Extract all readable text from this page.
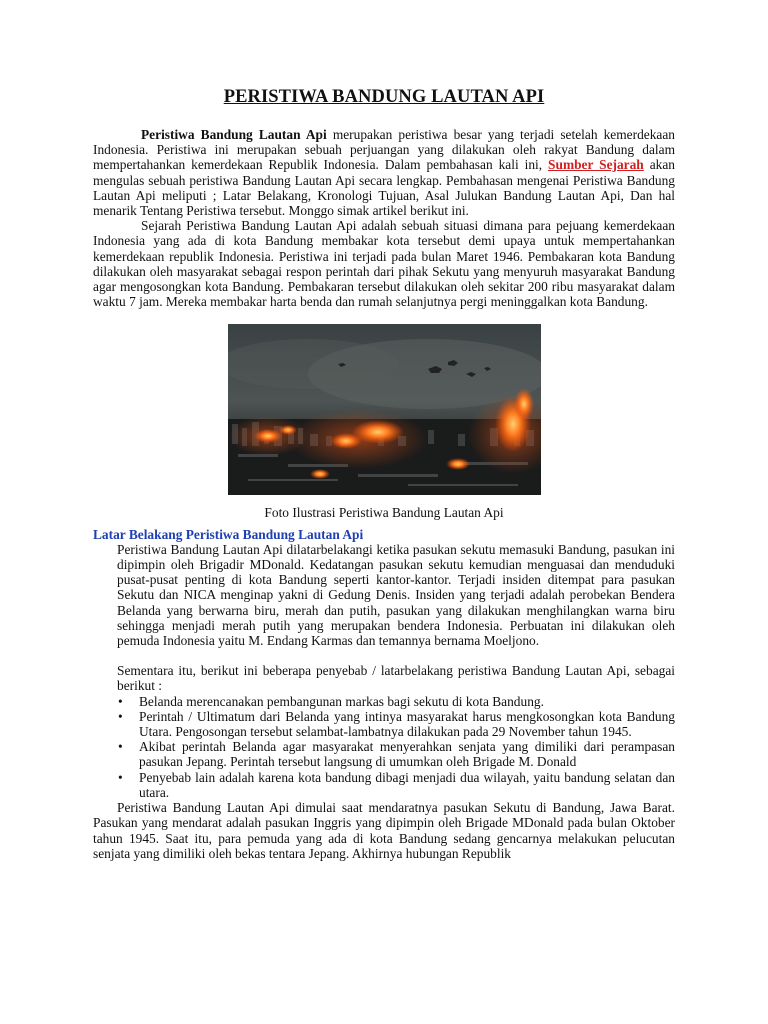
PERISTIWA BANDUNG LAUTAN API

Peristiwa Bandung Lautan Api merupakan peristiwa besar yang terjadi setelah kemerdekaan Indonesia. Peristiwa ini merupakan sebuah perjuangan yang dilakukan oleh rakyat Bandung dalam mempertahankan kemerdekaan Republik Indonesia. Dalam pembahasan kali ini, Sumber Sejarah akan mengulas sebuah peristiwa Bandung Lautan Api secara lengkap. Pembahasan mengenai Peristiwa Bandung Lautan Api meliputi ; Latar Belakang, Kronologi Tujuan, Asal Julukan Bandung Lautan Api, Dan hal menarik Tentang Peristiwa tersebut. Monggo simak artikel berikut ini.

Sejarah Peristiwa Bandung Lautan Api adalah sebuah situasi dimana para pejuang kemerdekaan Indonesia yang ada di kota Bandung membakar kota tersebut demi upaya untuk mempertahankan kemerdekaan republik Indonesia. Peristiwa ini terjadi pada bulan Maret 1946. Pembakaran kota Bandung dilakukan oleh masyarakat sebagai respon perintah dari pihak Sekutu yang menyuruh masyarakat Bandung agar mengosongkan kota Bandung. Pembakaran tersebut dilakukan oleh sekitar 200 ribu masyarakat dalam waktu 7 jam. Mereka membakar harta benda dan rumah selanjutnya pergi meninggalkan kota Bandung.

Foto Ilustrasi Peristiwa Bandung Lautan Api
Latar Belakang Peristiwa Bandung Lautan Api

Peristiwa Bandung Lautan Api dilatarbelakangi ketika pasukan sekutu memasuki Bandung, pasukan ini dipimpin oleh Brigadir MDonald. Kedatangan pasukan sekutu kemudian menguasai dan menduduki pusat-pusat penting di kota Bandung seperti kantor-kantor. Terjadi insiden ditempat para pasukan Sekutu dan NICA menginap yakni di Gedung Denis. Insiden yang terjadi adalah perobekan Bendera Belanda yang berwarna biru, merah dan putih, pasukan yang dilakukan menghilangkan warna biru sehingga menjadi merah putih yang merupakan bendera Indonesia. Perbuatan ini dilakukan oleh pemuda Indonesia yaitu M. Endang Karmas dan temannya bernama Moeljono.

Sementara itu, berikut ini beberapa penyebab / latarbelakang peristiwa Bandung Lautan Api, sebagai berikut :

• Belanda merencanakan pembangunan markas bagi sekutu di kota Bandung.
• Perintah / Ultimatum dari Belanda yang intinya masyarakat harus mengkosongkan kota Bandung Utara. Pengosongan tersebut selambat-lambatnya dilakukan pada 29 November tahun 1945.
• Akibat perintah Belanda agar masyarakat menyerahkan senjata yang dimiliki dari perampasan pasukan Jepang. Perintah tersebut langsung di umumkan oleh Brigade M. Donald
• Penyebab lain adalah karena kota bandung dibagi menjadi dua wilayah, yaitu bandung selatan dan utara.

Peristiwa Bandung Lautan Api dimulai saat mendaratnya pasukan Sekutu di Bandung, Jawa Barat. Pasukan yang mendarat adalah pasukan Inggris yang dipimpin oleh Brigade MDonald pada bulan Oktober tahun 1945. Saat itu, para pemuda yang ada di kota Bandung sedang gencarnya melakukan pelucutan senjata yang dimiliki oleh bekas tentara Jepang. Akhirnya hubungan Republik
